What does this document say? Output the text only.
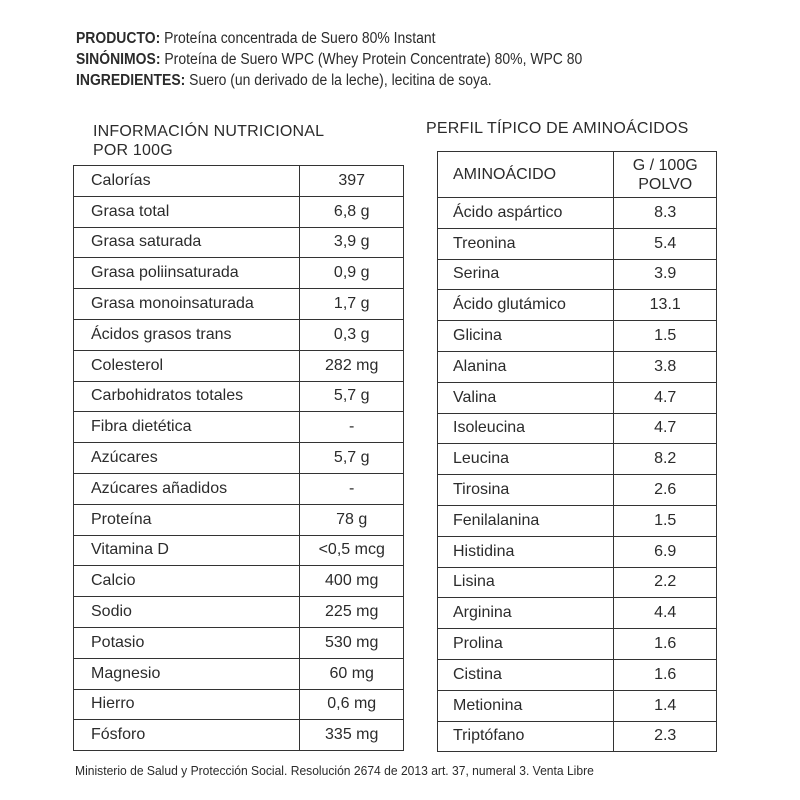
PRODUCTO: Proteína concentrada de Suero 80% Instant
SINÓNIMOS: Proteína de Suero WPC (Whey Protein Concentrate) 80%, WPC 80
INGREDIENTES: Suero (un derivado de la leche), lecitina de soya.
INFORMACIÓN NUTRICIONAL
POR 100G
PERFIL TÍPICO DE AMINOÁCIDOS
Calorías	397
Grasa total	6,8 g
Grasa saturada	3,9 g
Grasa poliinsaturada	0,9 g
Grasa monoinsaturada	1,7 g
Ácidos grasos trans	0,3 g
Colesterol	282 mg
Carbohidratos totales	5,7 g
Fibra dietética	-
Azúcares	5,7 g
Azúcares añadidos	-
Proteína	78 g
Vitamina D	<0,5 mcg
Calcio	400 mg
Sodio	225 mg
Potasio	530 mg
Magnesio	60 mg
Hierro	0,6 mg
Fósforo	335 mg
AMINOÁCIDO	G / 100G
POLVO

Ácido aspártico	8.3
Treonina	5.4
Serina	3.9
Ácido glutámico	13.1
Glicina	1.5
Alanina	3.8
Valina	4.7
Isoleucina	4.7
Leucina	8.2
Tirosina	2.6
Fenilalanina	1.5
Histidina	6.9
Lisina	2.2
Arginina	4.4
Prolina	1.6
Cistina	1.6
Metionina	1.4
Triptófano	2.3
Ministerio de Salud y Protección Social. Resolución 2674 de 2013 art. 37, numeral 3. Venta Libre
